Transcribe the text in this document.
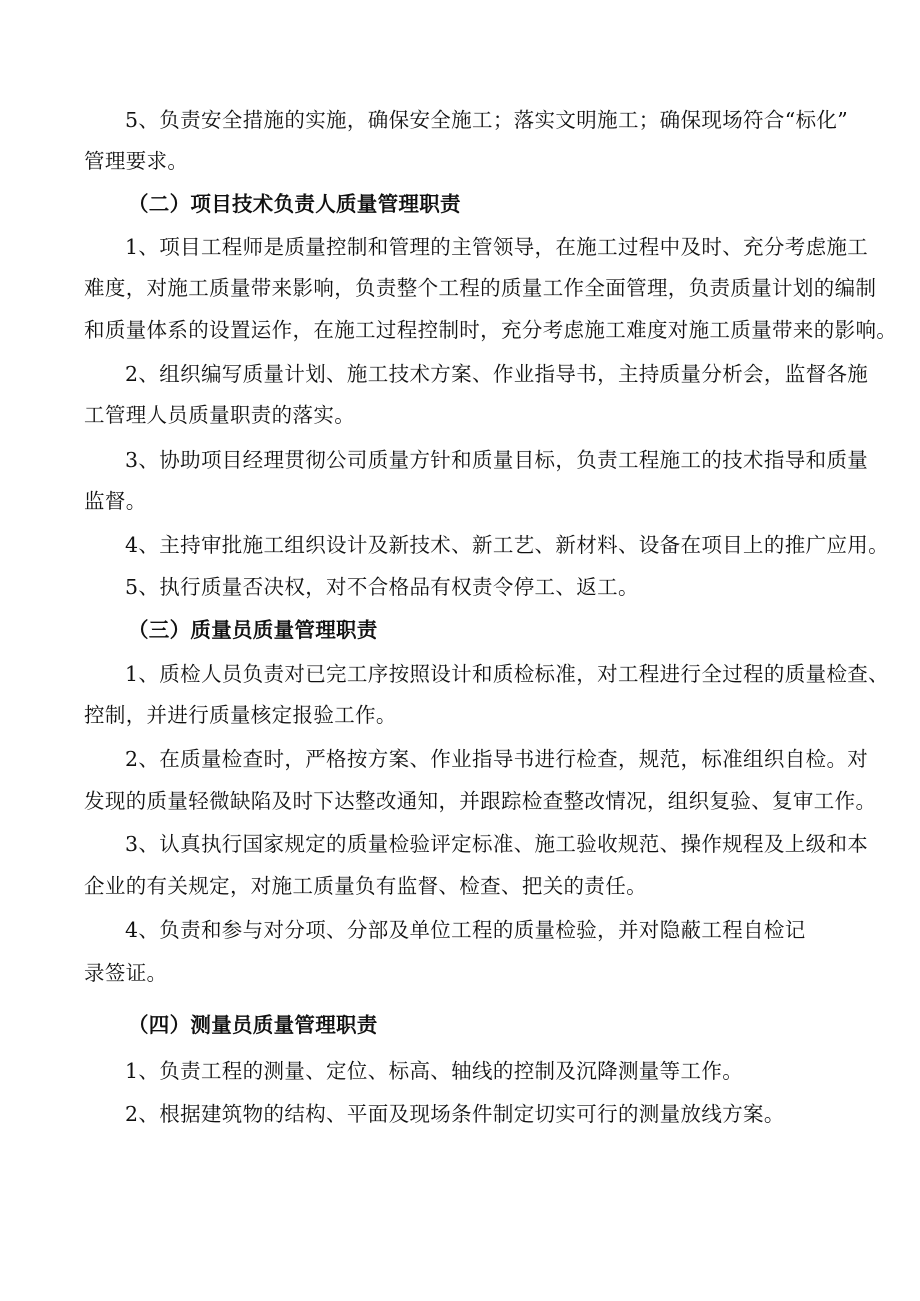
5、负责安全措施的实施，确保安全施工；落实文明施工；确保现场符合“标化”
管理要求。
（二）项目技术负责人质量管理职责
1、项目工程师是质量控制和管理的主管领导，在施工过程中及时、充分考虑施工
难度，对施工质量带来影响，负责整个工程的质量工作全面管理，负责质量计划的编制
和质量体系的设置运作，在施工过程控制时，充分考虑施工难度对施工质量带来的影响。
2、组织编写质量计划、施工技术方案、作业指导书，主持质量分析会，监督各施
工管理人员质量职责的落实。
3、协助项目经理贯彻公司质量方针和质量目标，负责工程施工的技术指导和质量
监督。
4、主持审批施工组织设计及新技术、新工艺、新材料、设备在项目上的推广应用。
5、执行质量否决权，对不合格品有权责令停工、返工。
（三）质量员质量管理职责
1、质检人员负责对已完工序按照设计和质检标准，对工程进行全过程的质量检查、
控制，并进行质量核定报验工作。
2、在质量检查时，严格按方案、作业指导书进行检查，规范，标准组织自检。对
发现的质量轻微缺陷及时下达整改通知，并跟踪检查整改情况，组织复验、复审工作。
3、认真执行国家规定的质量检验评定标准、施工验收规范、操作规程及上级和本
企业的有关规定，对施工质量负有监督、检查、把关的责任。
4、负责和参与对分项、分部及单位工程的质量检验，并对隐蔽工程自检记
录签证。
（四）测量员质量管理职责
1、负责工程的测量、定位、标高、轴线的控制及沉降测量等工作。
2、根据建筑物的结构、平面及现场条件制定切实可行的测量放线方案。
